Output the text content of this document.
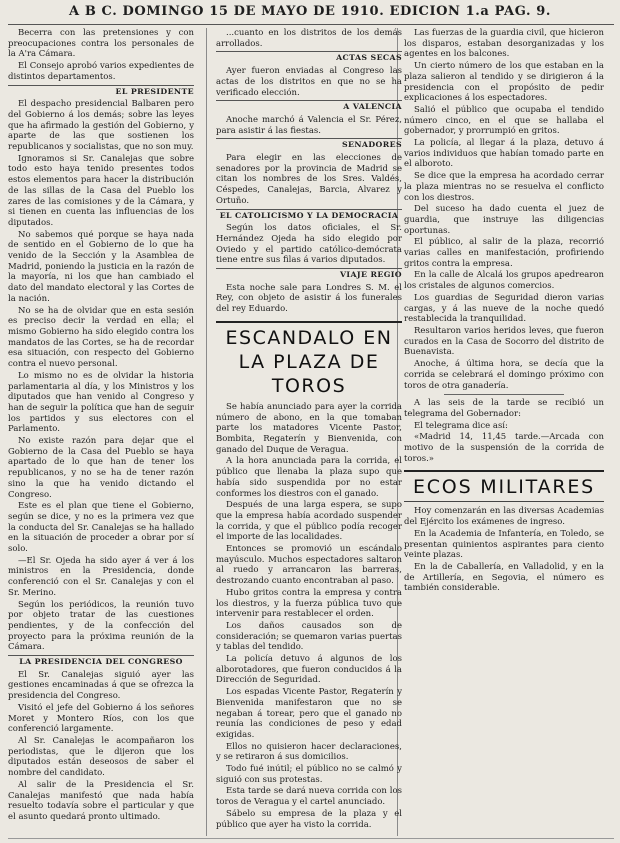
A B C. DOMINGO 15 DE MAYO DE 1910. EDICION 1.a PAG. 9.

Becerra con las pretensiones y con preocupaciones contra los personales de la A'ra Cámara.

El Consejo aprobó varios expedientes de distintos departamentos.

EL PRESIDENTE

El despacho presidencial Balbaren pero del Gobierno á los demás; sobre las leyes que ha afirmado la gestión del Gobierno, y aparte de las que sostienen los republicanos y socialistas, que no son muy.

Ignoramos si Sr. Canalejas que sobre todo esto haya tenido presentes todos estos elementos para hacer la distribución de las sillas de la Casa del Pueblo los zares de las comisiones y de la Cámara, y si tienen en cuenta las influencias de los diputados.

No sabemos qué porque se haya nada de sentido en el Gobierno de lo que ha venido de la Sección y la Asamblea de Madrid, poniendo la justicia en la razón de la mayoría, ni los que han cambiado el dato del mandato electoral y las Cortes de la nación.

No se ha de olvidar que en esta sesión es preciso decir la verdad en ella; el mismo Gobierno ha sido elegido contra los mandatos de las Cortes, se ha de recordar esa situación, con respecto del Gobierno contra el nuevo personal.

Lo mismo no es de olvidar la historia parlamentaria al día, y los Ministros y los diputados que han venido al Congreso y han de seguir la política que han de seguir los partidos y sus electores con el Parlamento.

No existe razón para dejar que el Gobierno de la Casa del Pueblo se haya apartado de lo que han de tener los republicanos, y no se ha de tener razón sino la que ha venido dictando el Congreso.

Este es el plan que tiene el Gobierno, según se dice, y no es la primera vez que la conducta del Sr. Canalejas se ha hallado en la situación de proceder a obrar por sí solo.

—El Sr. Ojeda ha sido ayer á ver á los ministros en la Presidencia, donde conferenció con el Sr. Canalejas y con el Sr. Merino.

Según los periódicos, la reunión tuvo por objeto tratar de las cuestiones pendientes, y de la confección del proyecto para la próxima reunión de la Cámara.

LA PRESIDENCIA DEL CONGRESO

El Sr. Canalejas siguió ayer las gestiones encaminadas á que se ofrezca la presidencia del Congreso.

Visitó el jefe del Gobierno á los señores Moret y Montero Ríos, con los que conferenció largamente.

Al Sr. Canalejas le acompañaron los periodistas, que le dijeron que los diputados están deseosos de saber el nombre del candidato.

Al salir de la Presidencia el Sr. Canalejas manifestó que nada había resuelto todavía sobre el particular y que el asunto quedará pronto ultimado.

...cuanto en los distritos de los demás arrollados.

ACTAS SECAS

Ayer fueron enviadas al Congreso las actas de los distritos en que no se ha verificado elección.

A VALENCIA

Anoche marchó á Valencia el Sr. Pérez, para asistir á las fiestas.

SENADORES

Para elegir en las elecciones de senadores por la provincia de Madrid se citan los nombres de los Sres. Valdés, Céspedes, Canalejas, Barcia, Alvarez y Ortuño.

EL CATOLICISMO Y LA DEMOCRACIA

Según los datos oficiales, el Sr. Hernández Ojeda ha sido elegido por Oviedo y el partido católico-demócrata tiene entre sus filas á varios diputados.

VIAJE REGIO

Esta noche sale para Londres S. M. el Rey, con objeto de asistir á los funerales del rey Eduardo.

ESCANDALO EN
LA PLAZA DE TOROS

Se había anunciado para ayer la corrida número de abono, en la que tomaban parte los matadores Vicente Pastor, Bombita, Regaterín y Bienvenida, con ganado del Duque de Veragua.

A la hora anunciada para la corrida, el público que llenaba la plaza supo que había sido suspendida por no estar conformes los diestros con el ganado.

Después de una larga espera, se supo que la empresa había acordado suspender la corrida, y que el público podía recoger el importe de las localidades.

Entonces se promovió un escándalo mayúsculo. Muchos espectadores saltaron al ruedo y arrancaron las barreras, destrozando cuanto encontraban al paso.

Hubo gritos contra la empresa y contra los diestros, y la fuerza pública tuvo que intervenir para restablecer el orden.

Los daños causados son de consideración; se quemaron varias puertas y tablas del tendido.

La policía detuvo á algunos de los alborotadores, que fueron conducidos á la Dirección de Seguridad.

Los espadas Vicente Pastor, Regaterín y Bienvenida manifestaron que no se negaban á torear, pero que el ganado no reunía las condiciones de peso y edad exigidas.

Ellos no quisieron hacer declaraciones, y se retiraron á sus domicilios.

Todo fué inútil; el público no se calmó y siguió con sus protestas.

Esta tarde se dará nueva corrida con los toros de Veragua y el cartel anunciado.

Sábelo su empresa de la plaza y el público que ayer ha visto la corrida.

Las fuerzas de la guardia civil, que hicieron los disparos, estaban desorganizadas y los agentes en los balcones.

Un cierto número de los que estaban en la plaza salieron al tendido y se dirigieron á la presidencia con el propósito de pedir explicaciones á los espectadores.

Salió el público que ocupaba el tendido número cinco, en el que se hallaba el gobernador, y prorrumpió en gritos.

La policía, al llegar á la plaza, detuvo á varios individuos que habían tomado parte en el alboroto.

Se dice que la empresa ha acordado cerrar la plaza mientras no se resuelva el conflicto con los diestros.

Del suceso ha dado cuenta el juez de guardia, que instruye las diligencias oportunas.

El público, al salir de la plaza, recorrió varias calles en manifestación, profiriendo gritos contra la empresa.

En la calle de Alcalá los grupos apedrearon los cristales de algunos comercios.

Los guardias de Seguridad dieron varias cargas, y á las nueve de la noche quedó restablecida la tranquilidad.

Resultaron varios heridos leves, que fueron curados en la Casa de Socorro del distrito de Buenavista.

Anoche, á última hora, se decía que la corrida se celebrará el domingo próximo con toros de otra ganadería.

A las seis de la tarde se recibió un telegrama del Gobernador:

El telegrama dice así:

«Madrid 14, 11,45 tarde.—Arcada con motivo de la suspensión de la corrida de toros.»

ECOS MILITARES

Hoy comenzarán en las diversas Academias del Ejército los exámenes de ingreso.

En la Academia de Infantería, en Toledo, se presentan quinientos aspirantes para ciento veinte plazas.

En la de Caballería, en Valladolid, y en la de Artillería, en Segovia, el número es también considerable.
